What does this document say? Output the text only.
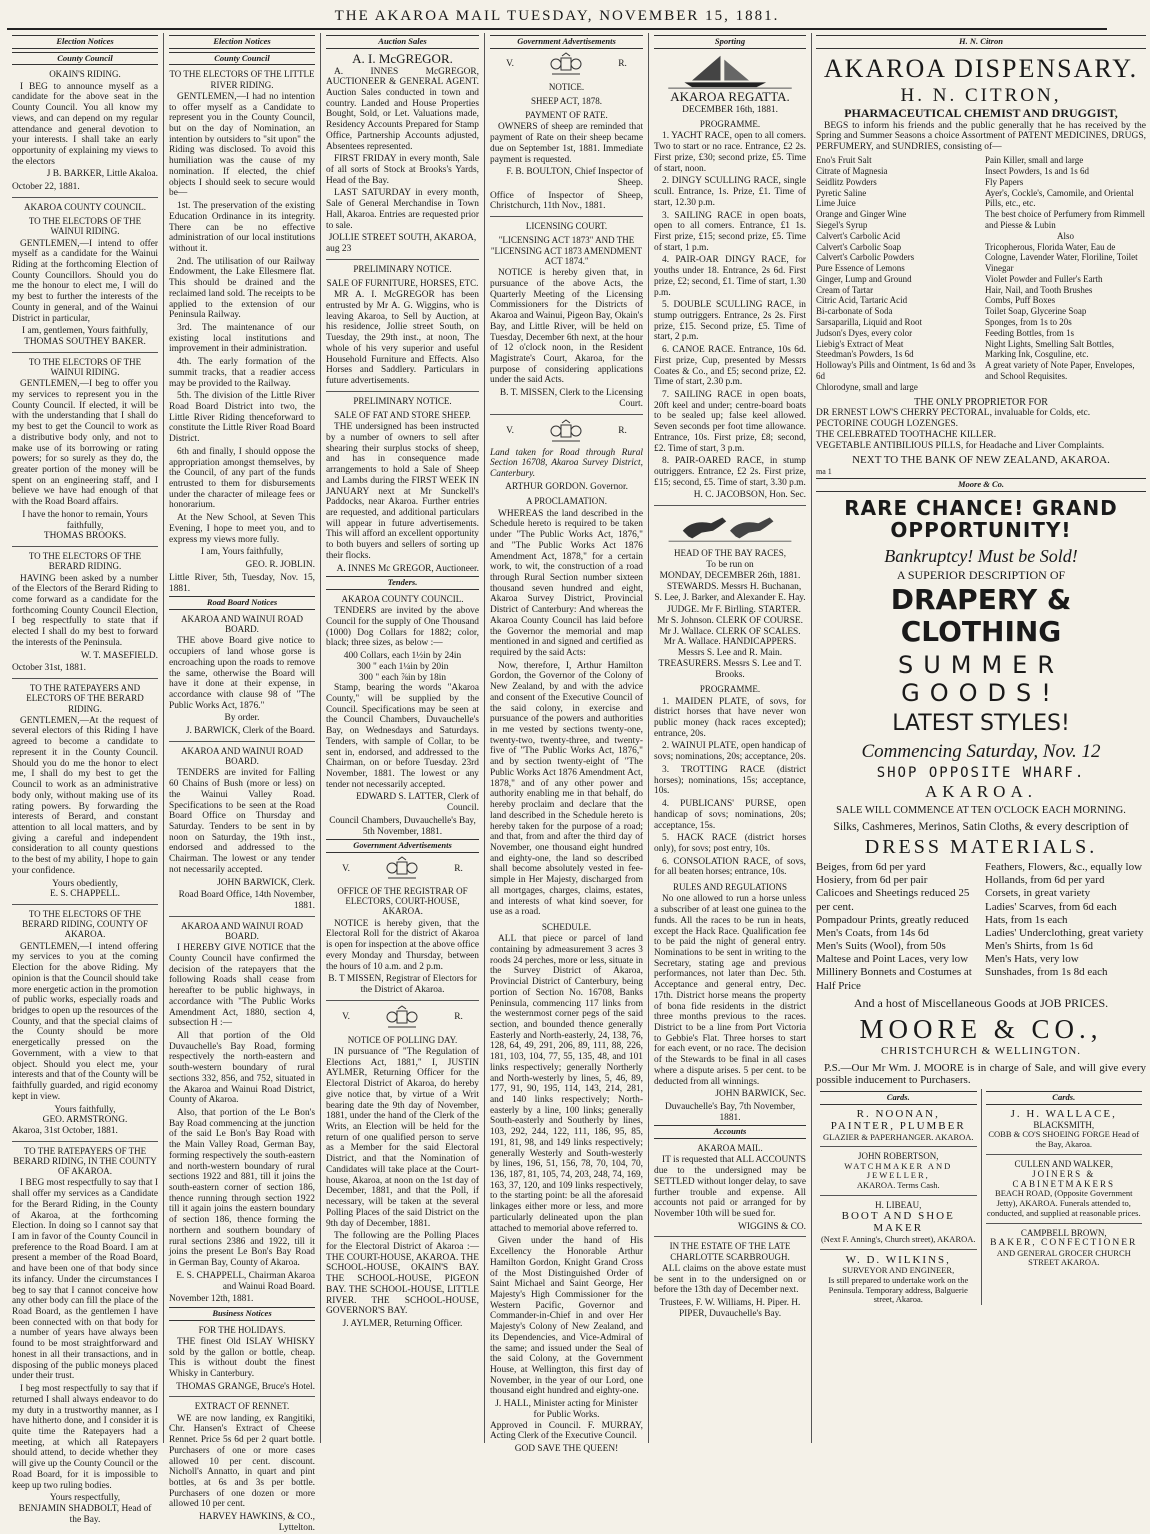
THE AKAROA MAIL TUESDAY, NOVEMBER 15, 1881.
Election Notices
County Council
OKAIN'S RIDING.

I BEG to announce myself as a candidate for the above seat in the County Council. You all know my views, and can depend on my regular attendance and general devotion to your interests. I shall take an early opportunity of explaining my views to the electors

J B. BARKER, Little Akaloa.

October 22, 1881.

AKAROA COUNTY COUNCIL.
TO THE ELECTORS OF THE WAINUI RIDING.

GENTLEMEN,—I intend to offer myself as a candidate for the Wainui Riding at the forthcoming Election of County Councillors. Should you do me the honour to elect me, I will do my best to further the interests of the County in general, and of the Wainui District in particular,

I am, gentlemen, Yours faithfully,
THOMAS SOUTHEY BAKER.
TO THE ELECTORS OF THE WAINUI RIDING.

GENTLEMEN,—I beg to offer you my services to represent you in the County Council. If elected, it will be with the understanding that I shall do my best to get the Council to work as a distributive body only, and not to make use of its borrowing or rating powers; for so surely as they do, the greater portion of the money will be spent on an engineering staff, and I believe we have had enough of that with the Road Board affairs.

I have the honor to remain, Yours faithfully,
THOMAS BROOKS.
TO THE ELECTORS OF THE BERARD RIDING.

HAVING been asked by a number of the Electors of the Berard Riding to come forward as a candidate for the forthcoming County Council Election, I beg respectfully to state that if elected I shall do my best to forward the interests of the Peninsula.

W. T. MASEFIELD.

October 31st, 1881.

TO THE RATEPAYERS AND ELECTORS OF THE BERARD RIDING.

GENTLEMEN,—At the request of several electors of this Riding I have agreed to become a candidate to represent it in the County Council. Should you do me the honor to elect me, I shall do my best to get the Council to work as an administrative body only, without making use of its rating powers. By forwarding the interests of Berard, and constant attention to all local matters, and by giving a careful and independent consideration to all county questions to the best of my ability, I hope to gain your confidence.

Yours obediently,
E. S. CHAPPELL.
TO THE ELECTORS OF THE BERARD RIDING, COUNTY OF AKAROA.

GENTLEMEN,—I intend offering my services to you at the coming Election for the above Riding. My opinion is that the Council should take more energetic action in the promotion of public works, especially roads and bridges to open up the resources of the County, and that the special claims of the County should be more energetically pressed on the Government, with a view to that object. Should you elect me, your interests and that of the County will be faithfully guarded, and rigid economy kept in view.

Yours faithfully,
GEO. ARMSTRONG.

Akaroa, 31st October, 1881.

TO THE RATEPAYERS OF THE BERARD RIDING, IN THE COUNTY OF AKAROA.

I BEG most respectfully to say that I shall offer my services as a Candidate for the Berard Riding, in the County of Akaroa, at the forthcoming Election. In doing so I cannot say that I am in favor of the County Council in preference to the Road Board. I am at present a member of the Road Board, and have been one of that body since its infancy. Under the circumstances I beg to say that I cannot conceive how any other body can fill the place of the Road Board, as the gentlemen I have been connected with on that body for a number of years have always been found to be most straightforward and honest in all their transactions, and in disposing of the public moneys placed under their trust.

I beg most respectfully to say that if returned I shall always endeavor to do my duty in a trustworthy manner, as I have hitherto done, and I consider it is quite time the Ratepayers had a meeting, at which all Ratepayers should attend, to decide whether they will give up the County Council or the Road Board, for it is impossible to keep up two ruling bodies.

Yours respectfully,
BENJAMIN SHADBOLT, Head of the Bay.
Election Notices
County Council
TO THE ELECTORS OF THE LITTLE RIVER RIDING.

GENTLEMEN,—I had no intention to offer myself as a Candidate to represent you in the County Council, but on the day of Nomination, an intention by outsiders to "sit upon" the Riding was disclosed. To avoid this humiliation was the cause of my nomination. If elected, the chief objects I should seek to secure would be—

1st. The preservation of the existing Education Ordinance in its integrity. There can be no effective administration of our local institutions without it.

2nd. The utilisation of our Railway Endowment, the Lake Ellesmere flat. This should be drained and the reclaimed land sold. The receipts to be applied to the extension of our Peninsula Railway.

3rd. The maintenance of our existing local institutions and improvement in their administration.

4th. The early formation of the summit tracks, that a readier access may be provided to the Railway.

5th. The division of the Little River Road Board District into two, the Little River Riding thenceforward to constitute the Little River Road Board District.

6th and finally, I should oppose the appropriation amongst themselves, by the Council, of any part of the funds entrusted to them for disbursements under the character of mileage fees or honorarium.

At the New School, at Seven This Evening, I hope to meet you, and to express my views more fully.

I am, Yours faithfully,
GEO. R. JOBLIN.

Little River, 5th, Tuesday, Nov. 15, 1881.

Road Board Notices
AKAROA AND WAINUI ROAD BOARD.

THE above Board give notice to occupiers of land whose gorse is encroaching upon the roads to remove the same, otherwise the Board will have it done at their expense, in accordance with clause 98 of "The Public Works Act, 1876."

By order.
J. BARWICK, Clerk of the Board.
AKAROA AND WAINUI ROAD BOARD.

TENDERS are invited for Falling 60 Chains of Bush (more or less) on the Wainui Valley Road. Specifications to be seen at the Road Board Office on Thursday and Saturday. Tenders to be sent in by noon on Saturday, the 19th inst., endorsed and addressed to the Chairman. The lowest or any tender not necessarily accepted.

JOHN BARWICK, Clerk.
Road Board Office, 14th November, 1881.
AKAROA AND WAINUI ROAD BOARD.

I HEREBY GIVE NOTICE that the County Council have confirmed the decision of the ratepayers that the following Roads shall cease from hereafter to be public highways, in accordance with "The Public Works Amendment Act, 1880, section 4, subsection H :—

All that portion of the Old Duvauchelle's Bay Road, forming respectively the north-eastern and south-western boundary of rural sections 332, 856, and 752, situated in the Akaroa and Wainui Road District, County of Akaroa.

Also, that portion of the Le Bon's Bay Road commencing at the junction of the said Le Bon's Bay Road with the Main Valley Road, German Bay, forming respectively the south-eastern and north-western boundary of rural sections 1922 and 881, till it joins the south-eastern corner of section 186, thence running through section 1922 till it again joins the eastern boundary of section 186, thence forming the northern and southern boundary of rural sections 2386 and 1922, till it joins the present Le Bon's Bay Road in German Bay, County of Akaroa.

E. S. CHAPPELL, Chairman Akaroa and Wainui Road Board.

November 12th, 1881.

Business Notices
FOR THE HOLIDAYS.

THE finest Old ISLAY WHISKY sold by the gallon or bottle, cheap. This is without doubt the finest Whisky in Canterbury.

THOMAS GRANGE, Bruce's Hotel.
EXTRACT OF RENNET.

WE are now landing, ex Rangitiki, Chr. Hansen's Extract of Cheese Rennet. Price 5s 6d per 2 quart bottle. Purchasers of one or more cases allowed 10 per cent. discount. Nicholl's Annatto, in quart and pint bottles, at 6s and 3s per bottle. Purchasers of one dozen or more allowed 10 per cent.

HARVEY HAWKINS, & CO., Lyttelton.
Auction Sales
A. I. McGREGOR.

A. INNES McGREGOR, AUCTIONEER & GENERAL AGENT. Auction Sales conducted in town and country. Landed and House Properties Bought, Sold, or Let. Valuations made, Residency Accounts Prepared for Stamp Office, Partnership Accounts adjusted, Absentees represented.

FIRST FRIDAY in every month, Sale of all sorts of Stock at Brooks's Yards, Head of the Bay.

LAST SATURDAY in every month, Sale of General Merchandise in Town Hall, Akaroa. Entries are requested prior to sale.

JOLLIE STREET SOUTH, AKAROA,

aug 23

PRELIMINARY NOTICE.
SALE OF FURNITURE, HORSES, ETC.

MR A. I. McGREGOR has been entrusted by Mr A. G. Wiggins, who is leaving Akaroa, to Sell by Auction, at his residence, Jollie street South, on Tuesday, the 29th inst., at noon, The whole of his very superior and useful Household Furniture and Effects. Also Horses and Saddlery. Particulars in future advertisements.

PRELIMINARY NOTICE.
SALE OF FAT AND STORE SHEEP.

THE undersigned has been instructed by a number of owners to sell after shearing their surplus stocks of sheep, and has in consequence made arrangements to hold a Sale of Sheep and Lambs during the FIRST WEEK IN JANUARY next at Mr Sunckell's Paddocks, near Akaroa. Further entries are requested, and additional particulars will appear in future advertisements. This will afford an excellent opportunity to both buyers and sellers of sorting up their flocks.

A. INNES Mc GREGOR, Auctioneer.
Tenders.
AKAROA COUNTY COUNCIL.

TENDERS are invited by the above Council for the supply of One Thousand (1000) Dog Collars for 1882; color, black; three sizes, as below :—

400 Collars, each 1½in by 24in
300 " each 1¼in by 20in
300 " each ⅞in by 18in

Stamp, bearing the words "Akaroa County," will be supplied by the Council. Specifications may be seen at the Council Chambers, Duvauchelle's Bay, on Wednesdays and Saturdays. Tenders, with sample of Collar, to be sent in, endorsed, and addressed to the Chairman, on or before Tuesday. 23rd November, 1881. The lowest or any tender not necessarily accepted.

EDWARD S. LATTER, Clerk of Council.
Council Chambers, Duvauchelle's Bay, 5th November, 1881.
Government Advertisements
V.	R.
OFFICE OF THE REGISTRAR OF ELECTORS, COURT-HOUSE, AKAROA.

NOTICE is hereby given, that the Electoral Roll for the district of Akaroa is open for inspection at the above office every Monday and Thursday, between the hours of 10 a.m. and 2 p.m.

B. T MISSEN, Registrar of Electors for the District of Akaroa.
V.	R.
NOTICE OF POLLING DAY.

IN pursuance of "The Regulation of Elections Act, 1881," I, JUSTIN AYLMER, Returning Officer for the Electoral District of Akaroa, do hereby give notice that, by virtue of a Writ bearing date the 9th day of November, 1881, under the hand of the Clerk of the Writs, an Election will be held for the return of one qualified person to serve as a Member for the said Electoral District, and that the Nomination of Candidates will take place at the Court-house, Akaroa, at noon on the 1st day of December, 1881, and that the Poll, if necessary, will be taken at the several Polling Places of the said District on the 9th day of December, 1881.

The following are the Polling Places for the Electoral District of Akaroa :— THE COURT-HOUSE, AKAROA. THE SCHOOL-HOUSE, OKAIN'S BAY. THE SCHOOL-HOUSE, PIGEON BAY. THE SCHOOL-HOUSE, LITTLE RIVER. THE SCHOOL-HOUSE, GOVERNOR'S BAY.

J. AYLMER, Returning Officer.
Government Advertisements
V.	R.
NOTICE.
SHEEP ACT, 1878.
PAYMENT OF RATE.

OWNERS of sheep are reminded that payment of Rate on their sheep became due on September 1st, 1881. Immediate payment is requested.

F. B. BOULTON, Chief Inspector of Sheep.

Office of Inspector of Sheep, Christchurch, 11th Nov., 1881.

LICENSING COURT.
"LICENSING ACT 1873" AND THE "LICENSING ACT 1873 AMENDMENT ACT 1874."

NOTICE is hereby given that, in pursuance of the above Acts, the Quarterly Meeting of the Licensing Commissioners for the Districts of Akaroa and Wainui, Pigeon Bay, Okain's Bay, and Little River, will be held on Tuesday, December 6th next, at the hour of 12 o'clock noon, in the Resident Magistrate's Court, Akaroa, for the purpose of considering applications under the said Acts.

B. T. MISSEN, Clerk to the Licensing Court.
V.	R.

Land taken for Road through Rural Section 16708, Akaroa Survey District, Canterbury.

ARTHUR GORDON. Governor.
A PROCLAMATION.

WHEREAS the land described in the Schedule hereto is required to be taken under "The Public Works Act, 1876," and "The Public Works Act 1876 Amendment Act, 1878," for a certain work, to wit, the construction of a road through Rural Section number sixteen thousand seven hundred and eight, Akaroa Survey District, Provincial District of Canterbury: And whereas the Akaroa County Council has laid before the Governor the memorial and map mentioned in and signed and certified as required by the said Acts:

Now, therefore, I, Arthur Hamilton Gordon, the Governor of the Colony of New Zealand, by and with the advice and consent of the Executive Council of the said colony, in exercise and pursuance of the powers and authorities in me vested by sections twenty-one, twenty-two, twenty-three, and twenty-five of "The Public Works Act, 1876," and by section twenty-eight of "The Public Works Act 1876 Amendment Act, 1878," and of any other power and authority enabling me in that behalf, do hereby proclaim and declare that the land described in the Schedule hereto is hereby taken for the purpose of a road; and that, from and after the third day of November, one thousand eight hundred and eighty-one, the land so described shall become absolutely vested in fee-simple in Her Majesty, discharged from all mortgages, charges, claims, estates, and interests of what kind soever, for use as a road.

SCHEDULE.

ALL that piece or parcel of land containing by admeasurement 3 acres 3 roods 24 perches, more or less, situate in the Survey District of Akaroa, Provincial District of Canterbury, being portion of Section No. 16708, Banks Peninsula, commencing 117 links from the westernmost corner pegs of the said section, and bounded thence generally Easterly and North-easterly, 24, 138, 76, 128, 64, 49, 291, 206, 89, 111, 88, 226, 181, 103, 104, 77, 55, 135, 48, and 101 links respectively; generally Northerly and North-westerly by lines, 5, 46, 89, 177, 91, 90, 195, 114, 143, 214, 281, and 140 links respectively; North-easterly by a line, 100 links; generally South-easterly and Southerly by lines, 103, 292, 244, 122, 111, 186, 95, 85, 191, 81, 98, and 149 links respectively; generally Westerly and South-westerly by lines, 196, 51, 156, 78, 70, 104, 70, 136, 187, 81, 105, 74, 203, 248, 74, 169, 163, 37, 120, and 109 links respectively, to the starting point: be all the aforesaid linkages either more or less, and more particularly delineated upon the plan attached to memorial above referred to.

Given under the hand of His Excellency the Honorable Arthur Hamilton Gordon, Knight Grand Cross of the Most Distinguished Order of Saint Michael and Saint George, Her Majesty's High Commissioner for the Western Pacific, Governor and Commander-in-Chief in and over Her Majesty's Colony of New Zealand, and its Dependencies, and Vice-Admiral of the same; and issued under the Seal of the said Colony, at the Government House, at Wellington, this first day of November, in the year of our Lord, one thousand eight hundred and eighty-one.

J. HALL, Minister acting for Minister for Public Works.

Approved in Council. F. MURRAY, Acting Clerk of the Executive Council.

GOD SAVE THE QUEEN!
Sporting
AKAROA REGATTA.
DECEMBER 16th, 1881.
PROGRAMME.

1. YACHT RACE, open to all comers. Two to start or no race. Entrance, £2 2s. First prize, £30; second prize, £5. Time of start, noon.

2. DINGY SCULLING RACE, single scull. Entrance, 1s. Prize, £1. Time of start, 12.30 p.m.

3. SAILING RACE in open boats, open to all comers. Entrance, £1 1s. First prize, £15; second prize, £5. Time of start, 1 p.m.

4. PAIR-OAR DINGY RACE, for youths under 18. Entrance, 2s 6d. First prize, £2; second, £1. Time of start, 1.30 p.m.

5. DOUBLE SCULLING RACE, in stump outriggers. Entrance, 2s 2s. First prize, £15. Second prize, £5. Time of start, 2 p.m.

6. CANOE RACE. Entrance, 10s 6d. First prize, Cup, presented by Messrs Coates & Co., and £5; second prize, £2. Time of start, 2.30 p.m.

7. SAILING RACE in open boats, 20ft keel and under; centre-board boats to be sealed up; false keel allowed. Seven seconds per foot time allowance. Entrance, 10s. First prize, £8; second, £2. Time of start, 3 p.m.

8. PAIR-OARED RACE, in stump outriggers. Entrance, £2 2s. First prize, £15; second, £5. Time of start, 3.30 p.m.

H. C. JACOBSON, Hon. Sec.
HEAD OF THE BAY RACES,
To be run on
MONDAY, DECEMBER 26th, 1881.

STEWARDS. Messrs H. Buchanan, S. Lee, J. Barker, and Alexander E. Hay.

JUDGE. Mr F. Birlling. STARTER. Mr S. Johnson. CLERK OF COURSE. Mr J. Wallace. CLERK OF SCALES. Mr A. Wallace. HANDICAPPERS. Messrs S. Lee and R. Main. TREASURERS. Messrs S. Lee and T. Brooks.

PROGRAMME.

1. MAIDEN PLATE, of sovs, for district horses that have never won public money (hack races excepted); entrance, 20s.

2. WAINUI PLATE, open handicap of sovs; nominations, 20s; acceptance, 20s.

3. TROTTING RACE (district horses); nominations, 15s; acceptance, 10s.

4. PUBLICANS' PURSE, open handicap of sovs; nominations, 20s; acceptance, 15s.

5. HACK RACE (district horses only), for sovs; post entry, 10s.

6. CONSOLATION RACE, of sovs, for all beaten horses; entrance, 10s.

RULES AND REGULATIONS

No one allowed to run a horse unless a subscriber of at least one guinea to the funds. All the races to be run in heats, except the Hack Race. Qualification fee to be paid the night of general entry. Nominations to be sent in writing to the Secretary, stating age and previous performances, not later than Dec. 5th. Acceptance and general entry, Dec. 17th. District horse means the property of bona fide residents in the district three months previous to the races. District to be a line from Port Victoria to Gebbie's Flat. Three horses to start for each event, or no race. The decision of the Stewards to be final in all cases where a dispute arises. 5 per cent. to be deducted from all winnings.

JOHN BARWICK, Sec.
Duvauchelle's Bay, 7th November, 1881.
Accounts
AKAROA MAIL.

IT is requested that ALL ACCOUNTS due to the undersigned may be SETTLED without longer delay, to save further trouble and expense. All accounts not paid or arranged for by November 10th will be sued for.

WIGGINS & CO.
IN THE ESTATE OF THE LATE CHARLOTTE SCARBROUGH.

ALL claims on the above estate must be sent in to the undersigned on or before the 13th day of December next.

Trustees, F. W. Williams, H. Piper. H. PIPER, Duvauchelle's Bay.
H. N. Citron
AKAROA DISPENSARY.
H. N. CITRON,
PHARMACEUTICAL CHEMIST AND DRUGGIST,

BEGS to inform his friends and the public generally that he has received by the Spring and Summer Seasons a choice Assortment of PATENT MEDICINES, DRUGS, PERFUMERY, and SUNDRIES, consisting of—

Eno's Fruit Salt
Citrate of Magnesia
Seidlitz Powders
Pyretic Saline
Lime Juice
Orange and Ginger Wine
Siegel's Syrup
Calvert's Carbolic Acid
Calvert's Carbolic Soap
Calvert's Carbolic Powders
Pure Essence of Lemons
Ginger, Lump and Ground
Cream of Tartar
Citric Acid, Tartaric Acid
Bi-carbonate of Soda
Sarsaparilla, Liquid and Root
Judson's Dyes, every color
Liebig's Extract of Meat
Steedman's Powders, 1s 6d
Holloway's Pills and Ointment, 1s 6d and 3s 6d
Chlorodyne, small and large
Pain Killer, small and large
Insect Powders, 1s and 1s 6d
Fly Papers
Ayer's, Cockle's, Camomile, and Oriental Pills, etc., etc.
The best choice of Perfumery from Rimmell and Piesse & Lubin
Also
Tricopherous, Florida Water, Eau de Cologne, Lavender Water, Floriline, Toilet Vinegar
Violet Powder and Fuller's Earth
Hair, Nail, and Tooth Brushes
Combs, Puff Boxes
Toilet Soap, Glycerine Soap
Sponges, from 1s to 20s
Feeding Bottles, from 1s
Night Lights, Smelling Salt Bottles, Marking Ink, Cosguline, etc.
A great variety of Note Paper, Envelopes, and School Requisites.
THE ONLY PROPRIETOR FOR
DR ERNEST LOW'S CHERRY PECTORAL, invaluable for Colds, etc.
PECTORINE COUGH LOZENGES.
THE CELEBRATED TOOTHACHE KILLER.
VEGETABLE ANTIBILIOUS PILLS, for Headache and Liver Complaints.
NEXT TO THE BANK OF NEW ZEALAND, AKAROA.
ma 1
Moore & Co.
RARE CHANCE! GRAND OPPORTUNITY!
Bankruptcy! Must be Sold!
A SUPERIOR DESCRIPTION OF
DRAPERY & CLOTHING
SUMMER GOODS!
LATEST STYLES!
Commencing Saturday, Nov. 12
SHOP OPPOSITE WHARF.
AKAROA.
SALE WILL COMMENCE AT TEN O'CLOCK EACH MORNING.
Silks, Cashmeres, Merinos, Satin Cloths, & every description of
DRESS MATERIALS.
Beiges, from 6d per yard
Hosiery, from 6d per pair
Calicoes and Sheetings reduced 25 per cent.
Pompadour Prints, greatly reduced
Men's Coats, from 14s 6d
Men's Suits (Wool), from 50s
Maltese and Point Laces, very low
Millinery Bonnets and Costumes at Half Price
Feathers, Flowers, &c., equally low
Hollands, from 6d per yard
Corsets, in great variety
Ladies' Scarves, from 6d each
Hats, from 1s each
Ladies' Underclothing, great variety
Men's Shirts, from 1s 6d
Men's Hats, very low
Sunshades, from 1s 8d each
And a host of Miscellaneous Goods at JOB PRICES.
MOORE & CO.,
CHRISTCHURCH & WELLINGTON.

P.S.—Our Mr Wm. J. MOORE is in charge of Sale, and will give every possible inducement to Purchasers.

Cards.
R. NOONAN,
PAINTER, PLUMBER
GLAZIER & PAPERHANGER. AKAROA.
JOHN ROBERTSON,
WATCHMAKER AND JEWELLER,
AKAROA. Terms Cash.
H. LIBEAU,
BOOT AND SHOE MAKER
(Next F. Anning's, Church street), AKAROA.
W. D. WILKINS,
SURVEYOR AND ENGINEER,
Is still prepared to undertake work on the Peninsula. Temporary address, Balguerie street, Akaroa.
Cards.
J. H. WALLACE,
BLACKSMITH,
COBB & CO'S SHOEING FORGE Head of the Bay, Akaroa.
CULLEN AND WALKER,
JOINERS & CABINETMAKERS
BEACH ROAD, (Opposite Government Jetty), AKAROA. Funerals attended to, conducted, and supplied at reasonable prices.
CAMPBELL BROWN,
BAKER, CONFECTIONER
AND GENERAL GROCER CHURCH STREET AKAROA.
